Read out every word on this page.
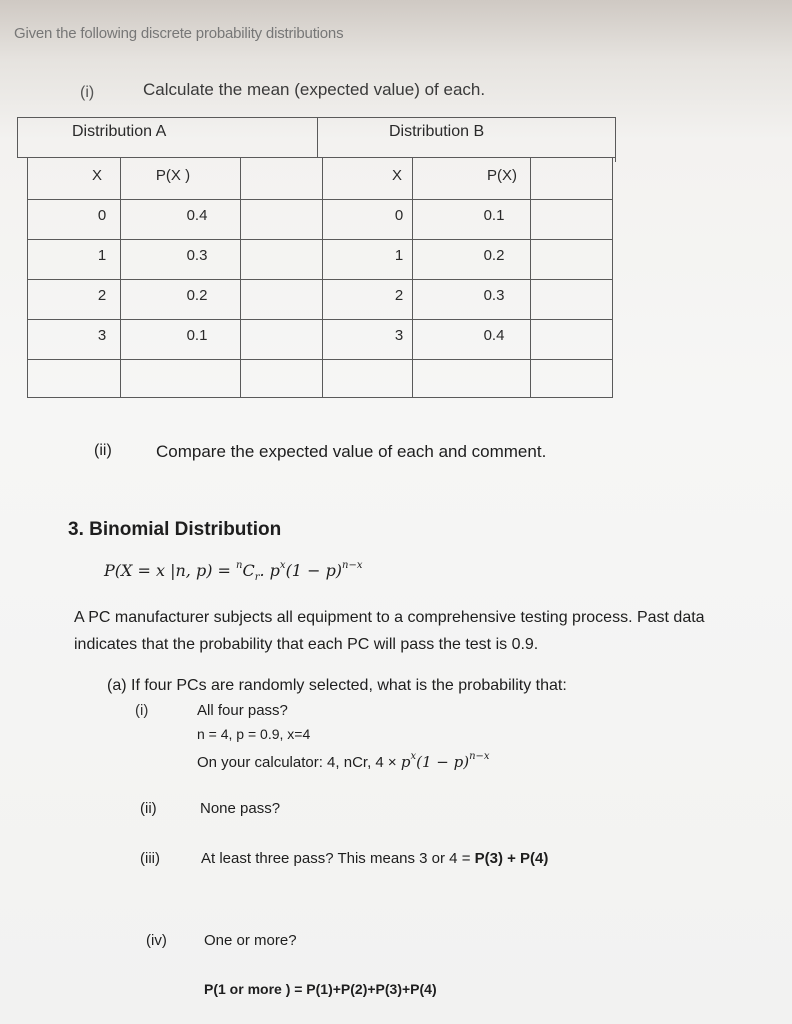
Given the following discrete probability distributions
(i)	Calculate the mean (expected value) of each.
Distribution A	Distribution B
X	P(X )	X	P(X)
0	0.4	0	0.1
1	0.3	1	0.2
2	0.2	2	0.3
3	0.1	3	0.4
(ii)	Compare the expected value of each and comment.
3. Binomial Distribution
P(X = x |n, $p) = ^nC_r$. $p^x(1 - p)^{n-x}$
A PC manufacturer subjects all equipment to a comprehensive testing process. Past data
indicates that the probability that each PC will pass the test is 0.9.
(a) If four PCs are randomly selected, what is the probability that:
(i)	All four pass?
n = 4, p = 0.9, x=4
On your calculator: 4, nCr, $4 \times p^x(1 - p)^{n-x}$
(ii)	None pass?
(iii)	At least three pass? This means 3 or 4 = P(3) + P(4)
(iv) One or more?
P(1 or more ) = P(1)+P(2)+P(3)+P(4)
